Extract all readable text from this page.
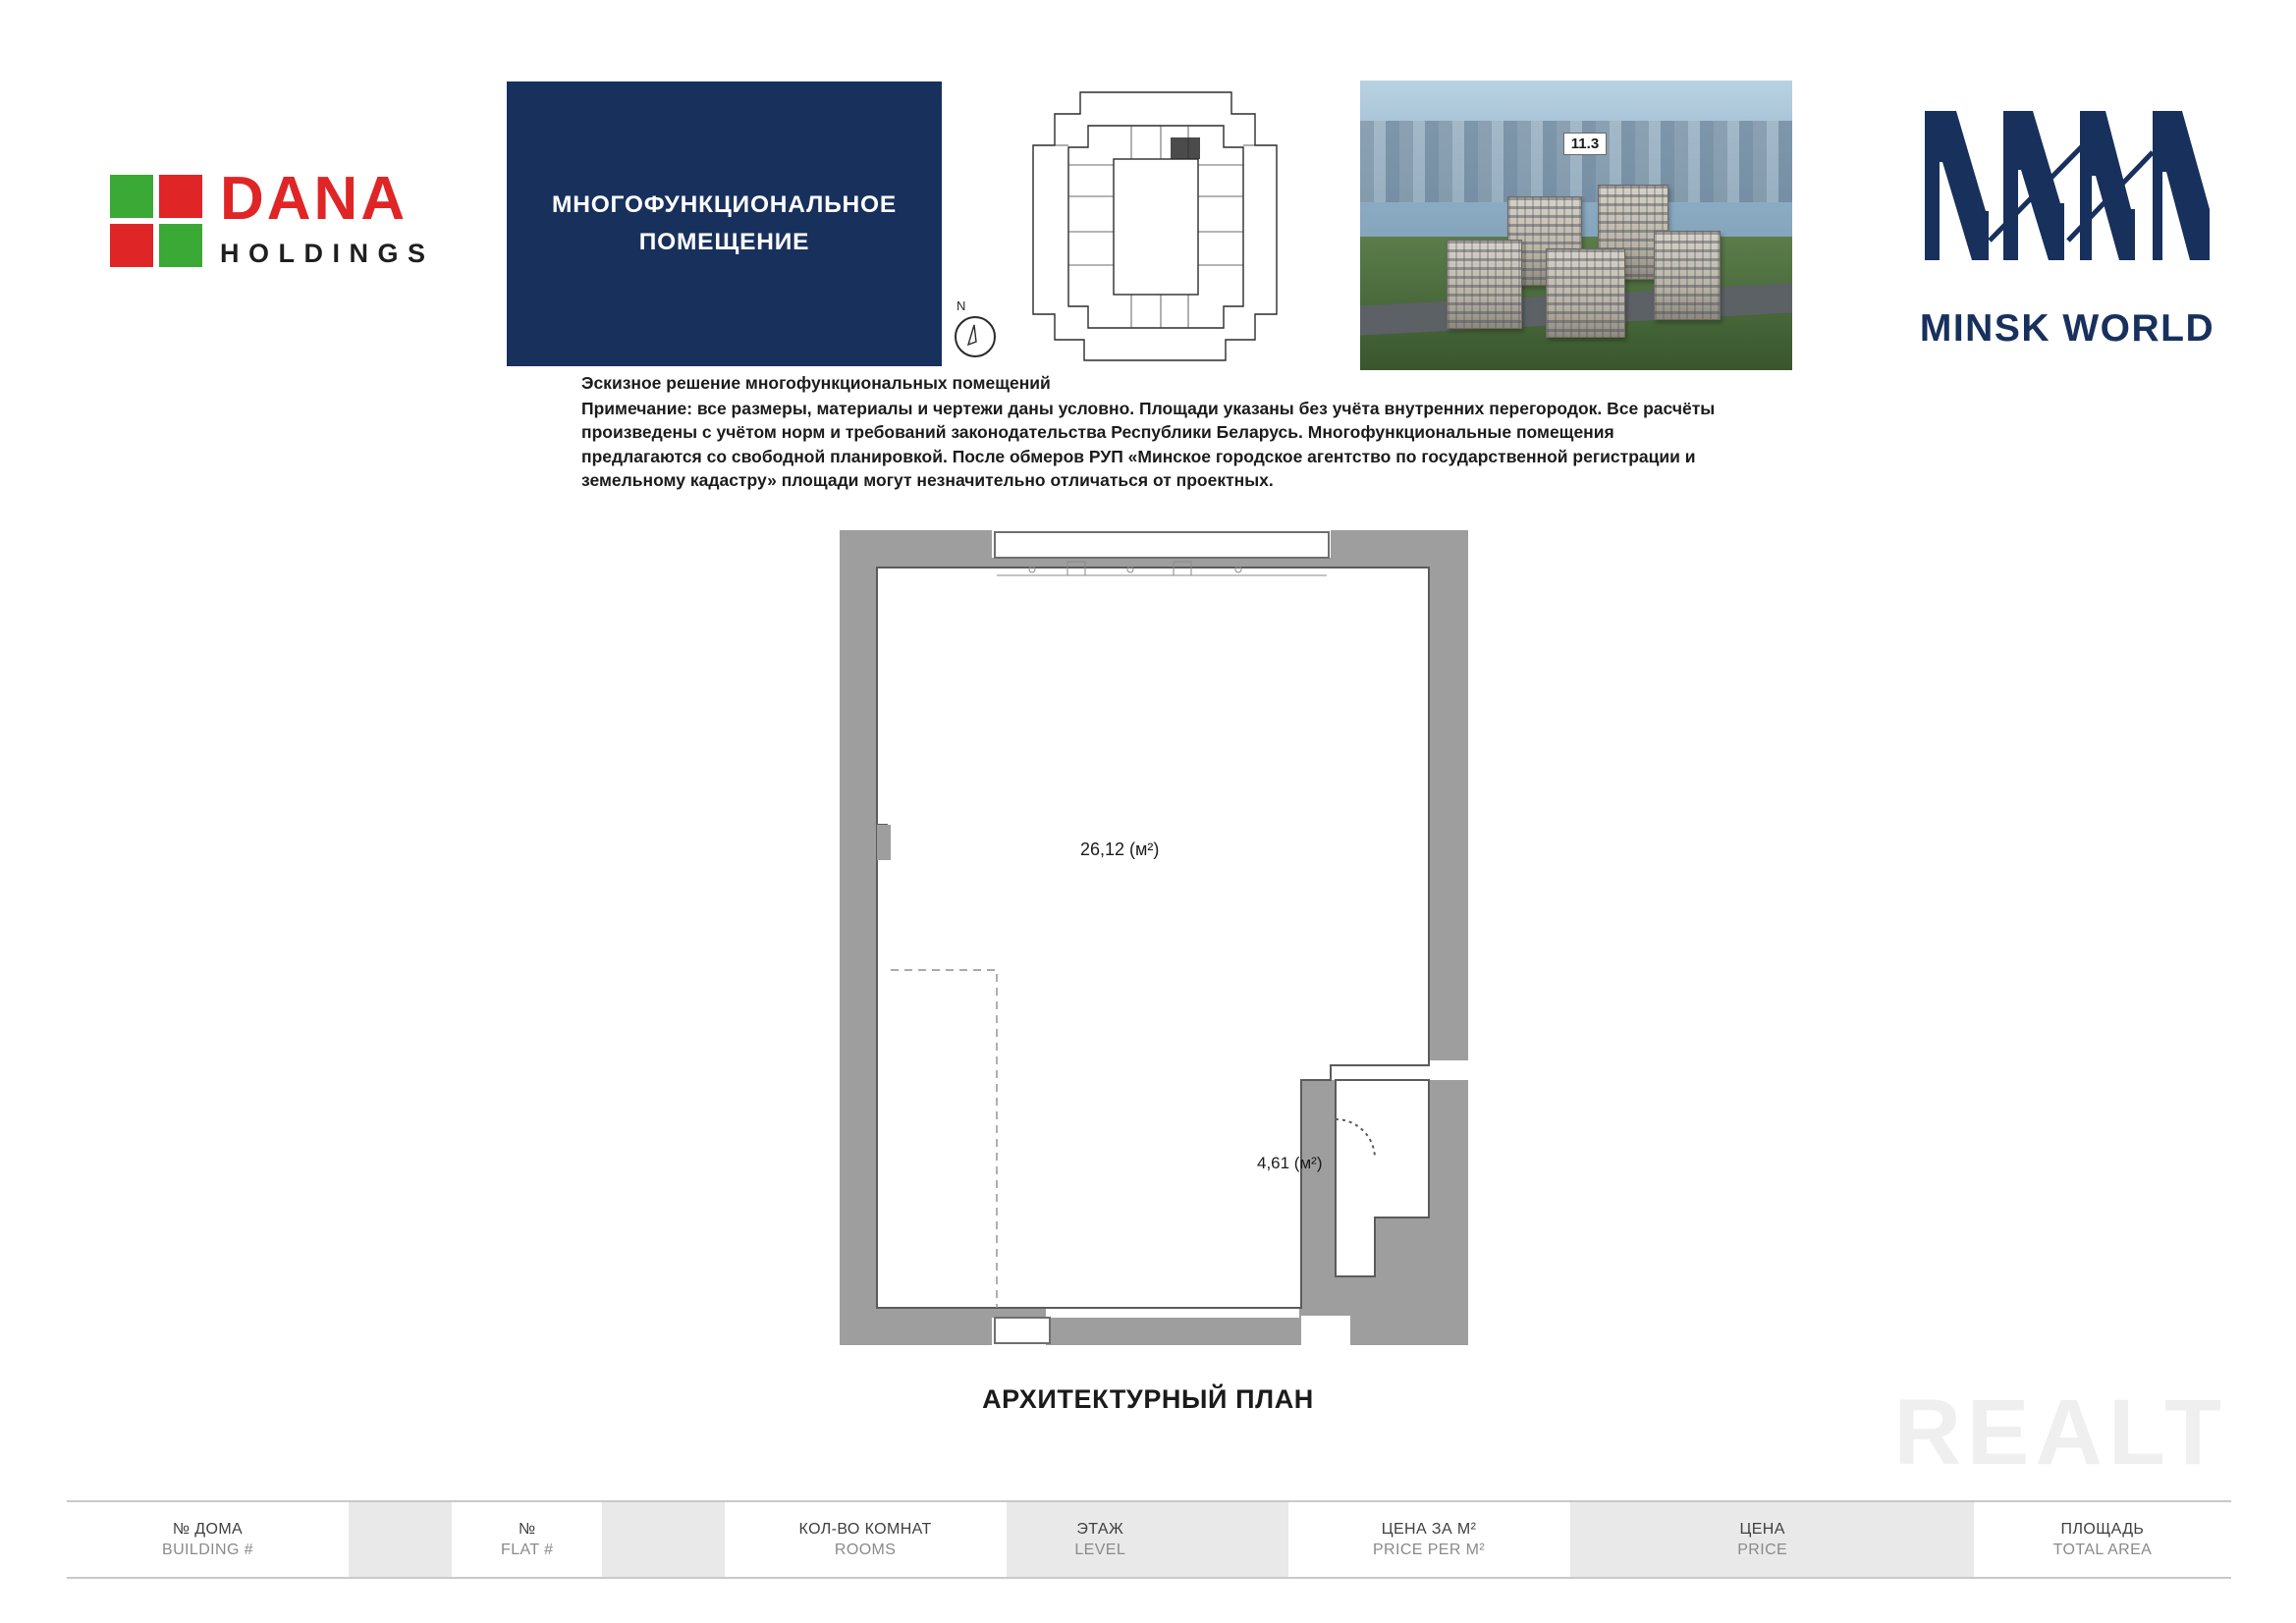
DANA
HOLDINGS
МНОГОФУНКЦИОНАЛЬНОЕ
ПОМЕЩЕНИЕ
N
11.3
MINSK WORLD
Эскизное решение многофункциональных помещений
Примечание: все размеры, материалы и чертежи даны условно. Площади указаны без учёта внутренних перегородок. Все расчёты произведены с учётом норм и требований законодательства Республики Беларусь. Многофункциональные помещения предлагаются со свободной планировкой. После обмеров РУП «Минское городское агентство по государственной регистрации и земельному кадастру» площади могут незначительно отличаться от проектных.
26,12 (м²)
4,61 (м²)
АРХИТЕКТУРНЫЙ ПЛАН	REALT
№ ДОМА
BUILDING #
№
FLAT #
КОЛ-ВО КОМНАТ
ROOMS
ЭТАЖ
LEVEL
ЦЕНА ЗА М²
PRICE PER M²
ЦЕНА
PRICE
ПЛОЩАДЬ
TOTAL AREA
